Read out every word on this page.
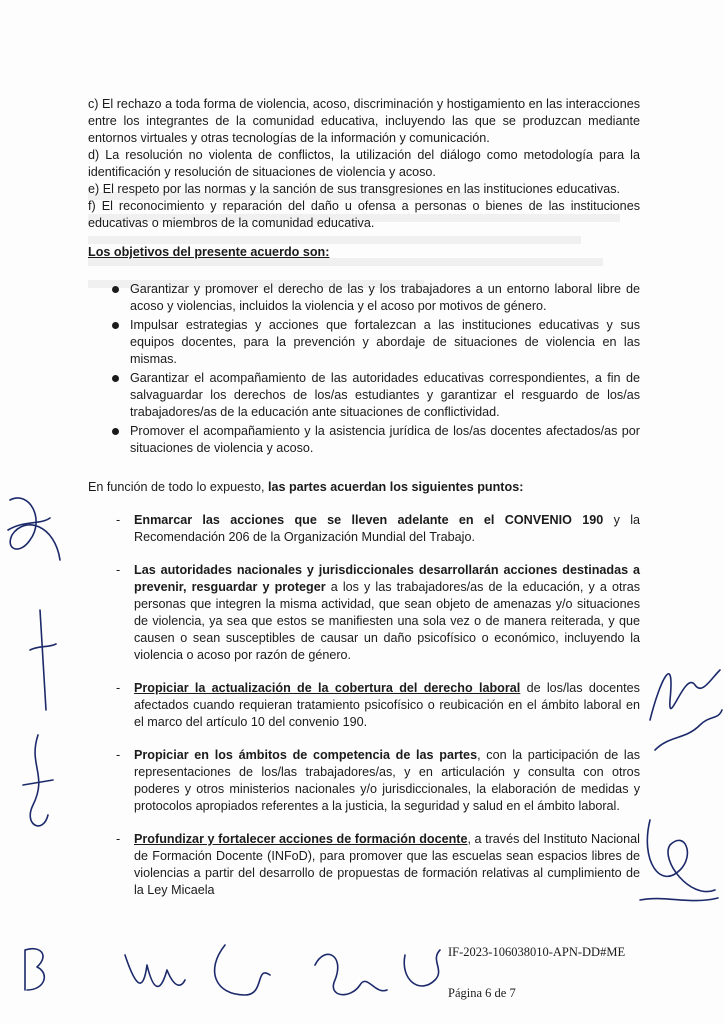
c) El rechazo a toda forma de violencia, acoso, discriminación y hostigamiento en las interacciones entre los integrantes de la comunidad educativa, incluyendo las que se produzcan mediante entornos virtuales y otras tecnologías de la información y comunicación.

d) La resolución no violenta de conflictos, la utilización del diálogo como metodología para la identificación y resolución de situaciones de violencia y acoso.

e) El respeto por las normas y la sanción de sus transgresiones en las instituciones educativas.

f) El reconocimiento y reparación del daño u ofensa a personas o bienes de las instituciones educativas o miembros de la comunidad educativa.

Los objetivos del presente acuerdo son:

Garantizar y promover el derecho de las y los trabajadores a un entorno laboral libre de acoso y violencias, incluidos la violencia y el acoso por motivos de género.
Impulsar estrategias y acciones que fortalezcan a las instituciones educativas y sus equipos docentes, para la prevención y abordaje de situaciones de violencia en las mismas.
Garantizar el acompañamiento de las autoridades educativas correspondientes, a fin de salvaguardar los derechos de los/as estudiantes y garantizar el resguardo de los/as trabajadores/as de la educación ante situaciones de conflictividad.
Promover el acompañamiento y la asistencia jurídica de los/as docentes afectados/as por situaciones de violencia y acoso.

En función de todo lo expuesto, las partes acuerdan los siguientes puntos:

- Enmarcar las acciones que se lleven adelante en el CONVENIO 190 y la Recomendación 206 de la Organización Mundial del Trabajo.
- Las autoridades nacionales y jurisdiccionales desarrollarán acciones destinadas a prevenir, resguardar y proteger a los y las trabajadores/as de la educación, y a otras personas que integren la misma actividad, que sean objeto de amenazas y/o situaciones de violencia, ya sea que estos se manifiesten una sola vez o de manera reiterada, y que causen o sean susceptibles de causar un daño psicofísico o económico, incluyendo la violencia o acoso por razón de género.
- Propiciar la actualización de la cobertura del derecho laboral de los/las docentes afectados cuando requieran tratamiento psicofísico o reubicación en el ámbito laboral en el marco del artículo 10 del convenio 190.
- Propiciar en los ámbitos de competencia de las partes, con la participación de las representaciones de los/las trabajadores/as, y en articulación y consulta con otros poderes y otros ministerios nacionales y/o jurisdiccionales, la elaboración de medidas y protocolos apropiados referentes a la justicia, la seguridad y salud en el ámbito laboral.
- Profundizar y fortalecer acciones de formación docente, a través del Instituto Nacional de Formación Docente (INFoD), para promover que las escuelas sean espacios libres de violencias a partir del desarrollo de propuestas de formación relativas al cumplimiento de la Ley Micaela
IF-2023-106038010-APN-DD#ME
Página 6 de 7
